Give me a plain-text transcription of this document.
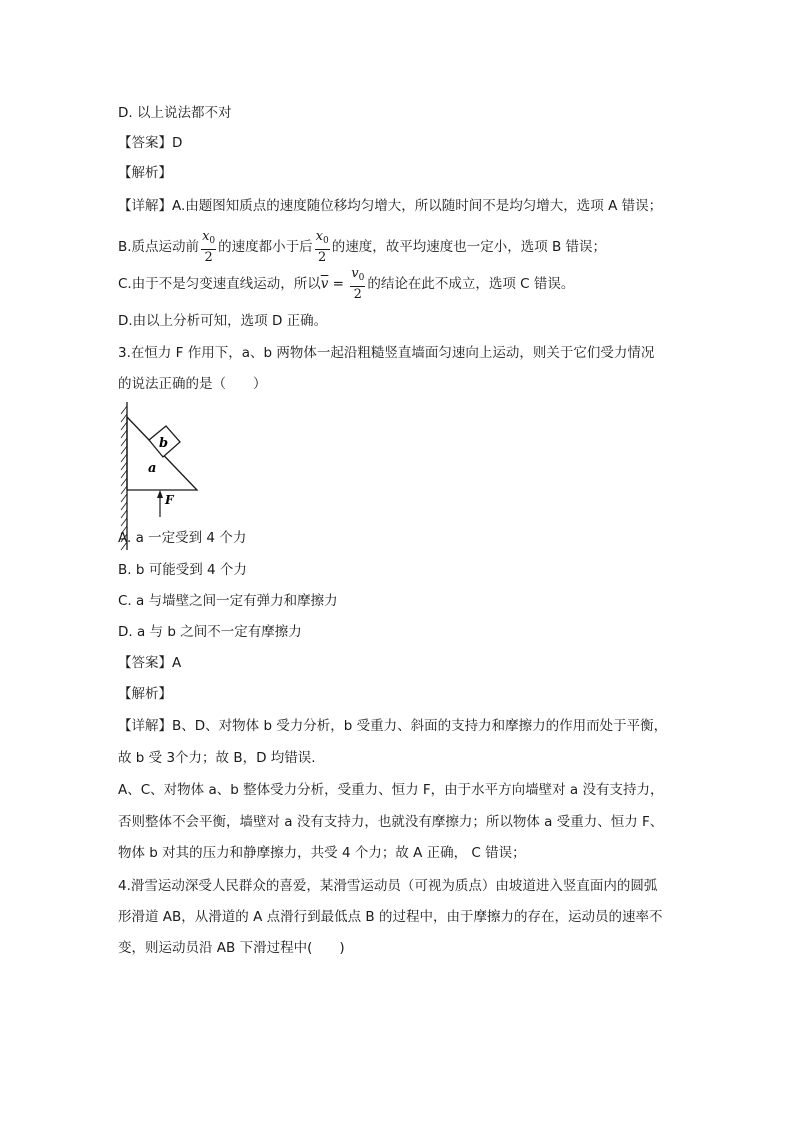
D. 以上说法都不对
【答案】D
【解析】
【详解】A.由题图知质点的速度随位移均匀增大，所以随时间不是均匀增大，选项 A 错误；
B.质点运动前 $\frac{x_0}{2}$ 的速度都小于后 $\frac{x_0}{2}$ 的速度，故平均速度也一定小，选项 B 错误；
C.由于不是匀变速直线运动，所以$\overline{v} = \frac{v_0}{2}$ 的结论在此不成立，选项 C 错误。
D.由以上分析可知，选项 D 正确。
3.在恒力 F 作用下，a、b 两物体一起沿粗糙竖直墙面匀速向上运动，则关于它们受力情况
的说法正确的是（　　）
b
a
F
A. a 一定受到 4 个力
B. b 可能受到 4 个力
C. a 与墙壁之间一定有弹力和摩擦力
D. a 与 b 之间不一定有摩擦力
【答案】A
【解析】
【详解】B、D、对物体 b 受力分析，b 受重力、斜面的支持力和摩擦力的作用而处于平衡，
故 b 受 3个力；故 B，D 均错误.
A、C、对物体 a、b 整体受力分析，受重力、恒力 F，由于水平方向墙壁对 a 没有支持力，
否则整体不会平衡，墙壁对 a 没有支持力，也就没有摩擦力；所以物体 a 受重力、恒力 F、
物体 b 对其的压力和静摩擦力，共受 4 个力；故 A 正确， C 错误；
4.滑雪运动深受人民群众的喜爱，某滑雪运动员（可视为质点）由坡道进入竖直面内的圆弧
形滑道 AB，从滑道的 A 点滑行到最低点 B 的过程中，由于摩擦力的存在，运动员的速率不
变，则运动员沿 AB 下滑过程中(　　)
